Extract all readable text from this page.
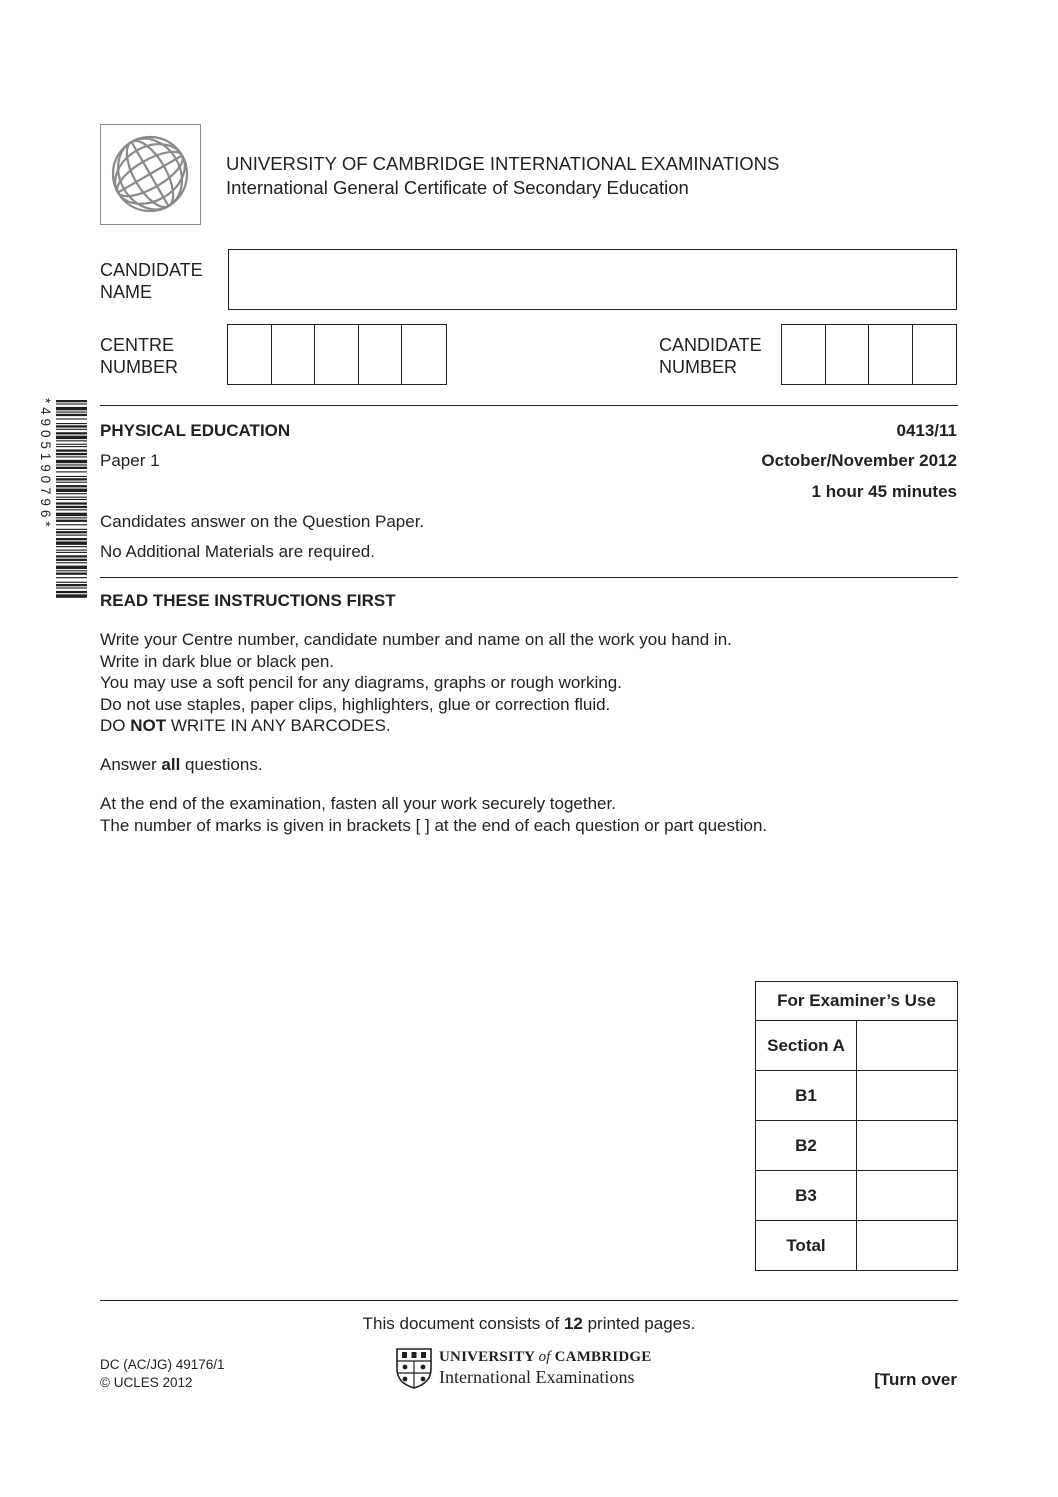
UNIVERSITY OF CAMBRIDGE INTERNATIONAL EXAMINATIONS
International General Certificate of Secondary Education
CANDIDATE
NAME
CENTRE
NUMBER
CANDIDATE
NUMBER
*4905190796*	PHYSICAL EDUCATION	0413/11
Paper 1	October/November 2012
1 hour 45 minutes
Candidates answer on the Question Paper.
No Additional Materials are required.
READ THESE INSTRUCTIONS FIRST
Write your Centre number, candidate number and name on all the work you hand in.
Write in dark blue or black pen.
You may use a soft pencil for any diagrams, graphs or rough working.
Do not use staples, paper clips, highlighters, glue or correction fluid.
DO NOT WRITE IN ANY BARCODES.
Answer all questions.
At the end of the examination, fasten all your work securely together.
The number of marks is given in brackets [ ] at the end of each question or part question.
For Examiner’s Use	
Section A	
B1	
B2	
B3	
Total	
This document consists of 12 printed pages.
DC (AC/JG) 49176/1
© UCLES 2012
UNIVERSITY of CAMBRIDGE
International Examinations	[Turn over
